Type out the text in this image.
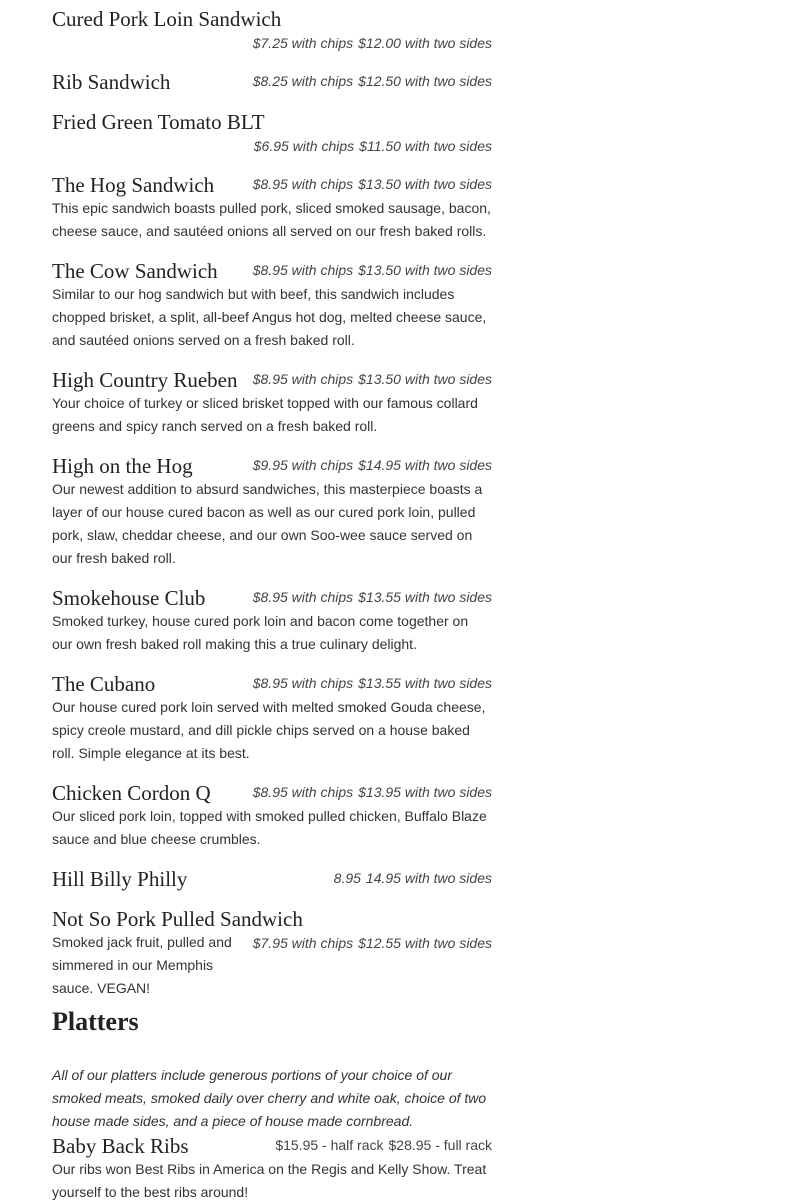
Cured Pork Loin Sandwich
$7.25 with chips $12.00 with two sides
Rib Sandwich	$8.25 with chips $12.50 with two sides
Fried Green Tomato BLT
$6.95 with chips $11.50 with two sides
The Hog Sandwich	$8.95 with chips $13.50 with two sides
This epic sandwich boasts pulled pork, sliced smoked sausage, bacon, cheese sauce, and sautéed onions all served on our fresh baked rolls.
The Cow Sandwich	$8.95 with chips $13.50 with two sides
Similar to our hog sandwich but with beef, this sandwich includes chopped brisket, a split, all-beef Angus hot dog, melted cheese sauce, and sautéed onions served on a fresh baked roll.
High Country Rueben $8.95 with chips $13.50 with two sides
Your choice of turkey or sliced brisket topped with our famous collard greens and spicy ranch served on a fresh baked roll.
High on the Hog	$9.95 with chips $14.95 with two sides
Our newest addition to absurd sandwiches, this masterpiece boasts a layer of our house cured bacon as well as our cured pork loin, pulled pork, slaw, cheddar cheese, and our own Soo-wee sauce served on our fresh baked roll.
Smokehouse Club	$8.95 with chips $13.55 with two sides
Smoked turkey, house cured pork loin and bacon come together on our own fresh baked roll making this a true culinary delight.
The Cubano	$8.95 with chips $13.55 with two sides
Our house cured pork loin served with melted smoked Gouda cheese, spicy creole mustard, and dill pickle chips served on a house baked roll. Simple elegance at its best.
Chicken Cordon Q	$8.95 with chips $13.95 with two sides
Our sliced pork loin, topped with smoked pulled chicken, Buffalo Blaze sauce and blue cheese crumbles.
Hill Billy Philly	8.95 14.95 with two sides
Not So Pork Pulled Sandwich
$7.95 with chips $12.55 with two sides
Smoked jack fruit, pulled and simmered in our Memphis sauce. VEGAN!
Platters
All of our platters include generous portions of your choice of our smoked meats, smoked daily over cherry and white oak, choice of two house made sides, and a piece of house made cornbread.
Baby Back Ribs	$15.95 - half rack $28.95 - full rack
Our ribs won Best Ribs in America on the Regis and Kelly Show. Treat yourself to the best ribs around!
